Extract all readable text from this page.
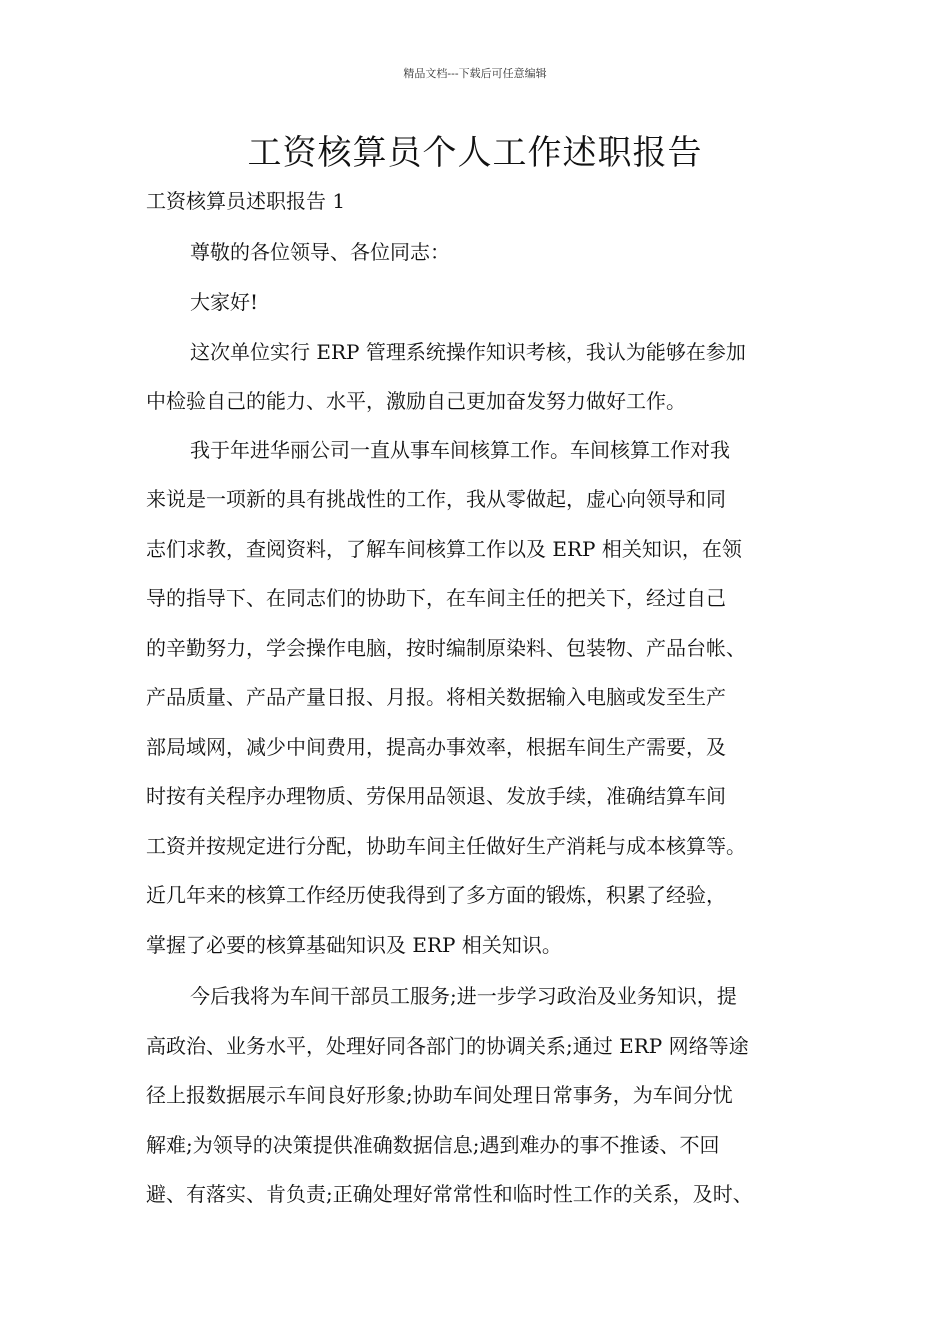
精品文档---下载后可任意编辑
工资核算员个人工作述职报告
工资核算员述职报告 1
尊敬的各位领导、各位同志：
大家好!
这次单位实行 ERP 管理系统操作知识考核，我认为能够在参加
中检验自己的能力、水平，激励自己更加奋发努力做好工作。
我于年进华丽公司一直从事车间核算工作。车间核算工作对我
来说是一项新的具有挑战性的工作，我从零做起，虚心向领导和同
志们求教，查阅资料，了解车间核算工作以及 ERP 相关知识，在领
导的指导下、在同志们的协助下，在车间主任的把关下，经过自己
的辛勤努力，学会操作电脑，按时编制原染料、包装物、产品台帐、
产品质量、产品产量日报、月报。将相关数据输入电脑或发至生产
部局域网，减少中间费用，提高办事效率，根据车间生产需要，及
时按有关程序办理物质、劳保用品领退、发放手续，准确结算车间
工资并按规定进行分配，协助车间主任做好生产消耗与成本核算等。
近几年来的核算工作经历使我得到了多方面的锻炼，积累了经验，
掌握了必要的核算基础知识及 ERP 相关知识。
今后我将为车间干部员工服务;进一步学习政治及业务知识，提
高政治、业务水平，处理好同各部门的协调关系;通过 ERP 网络等途
径上报数据展示车间良好形象;协助车间处理日常事务，为车间分忧
解难;为领导的决策提供准确数据信息;遇到难办的事不推诿、不回
避、有落实、肯负责;正确处理好常常性和临时性工作的关系，及时、
